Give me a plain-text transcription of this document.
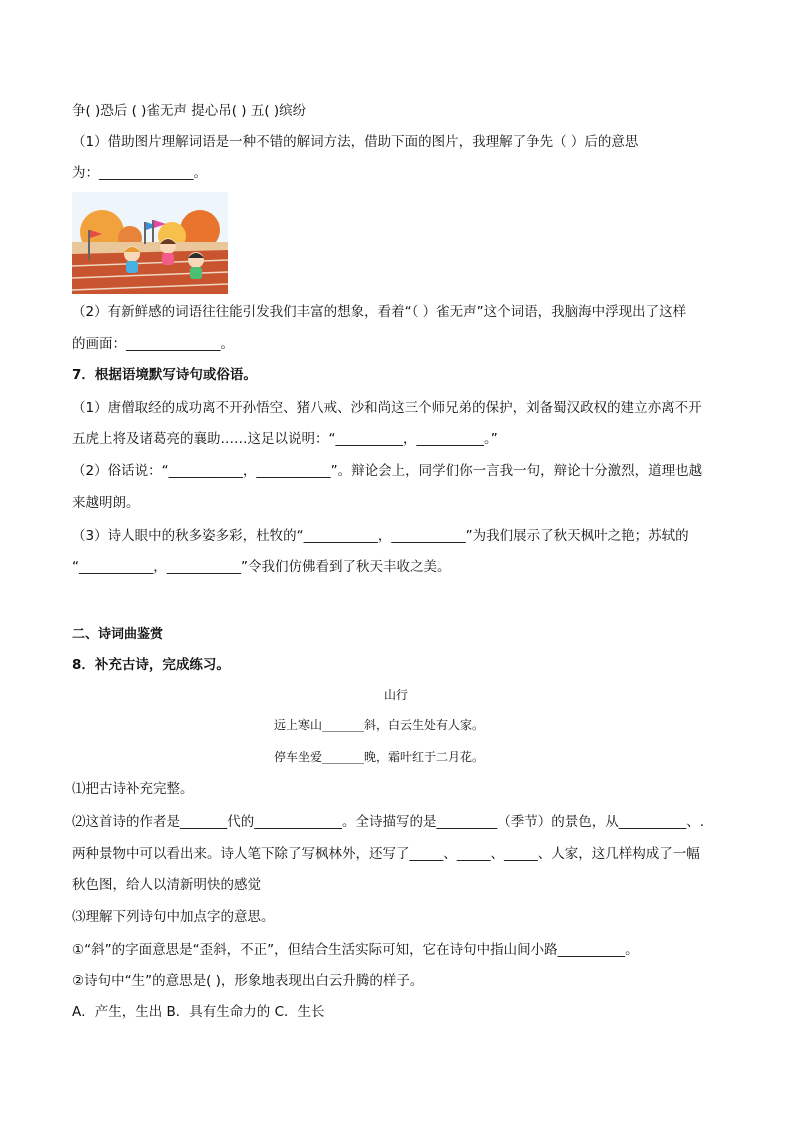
争( )恐后 ( )雀无声 提心吊( ) 五( )缤纷
（1）借助图片理解词语是一种不错的解词方法，借助下面的图片，我理解了争先（ ）后的意思
为：______________。
（2）有新鲜感的词语往往能引发我们丰富的想象，看着“（ ）雀无声”这个词语，我脑海中浮现出了这样
的画面：______________。
7．根据语境默写诗句或俗语。
（1）唐僧取经的成功离不开孙悟空、猪八戒、沙和尚这三个师兄弟的保护，刘备蜀汉政权的建立亦离不开
五虎上将及诸葛亮的襄助……这足以说明：“__________，__________。”
（2）俗话说：“___________，___________”。辩论会上，同学们你一言我一句，辩论十分激烈，道理也越
来越明朗。
（3）诗人眼中的秋多姿多彩，杜牧的“___________，___________”为我们展示了秋天枫叶之艳；苏轼的
“___________，___________”令我们仿佛看到了秋天丰收之美。
二、诗词曲鉴赏
8．补充古诗，完成练习。
山行
远上寒山_______斜，白云生处有人家。
停车坐爱_______晚，霜叶红于二月花。
⑴把古诗补充完整。
⑵这首诗的作者是_______代的_____________。全诗描写的是_________（季节）的景色，从__________、.
两种景物中可以看出来。诗人笔下除了写枫林外，还写了_____、_____、_____、人家，这几样构成了一幅
秋色图，给人以清新明快的感觉
⑶理解下列诗句中加点字的意思。
①“斜”的字面意思是“歪斜，不正”，但结合生活实际可知，它在诗句中指山间小路__________。
②诗句中“生”的意思是( )，形象地表现出白云升腾的样子。
A．产生，生出 B．具有生命力的 C．生长
